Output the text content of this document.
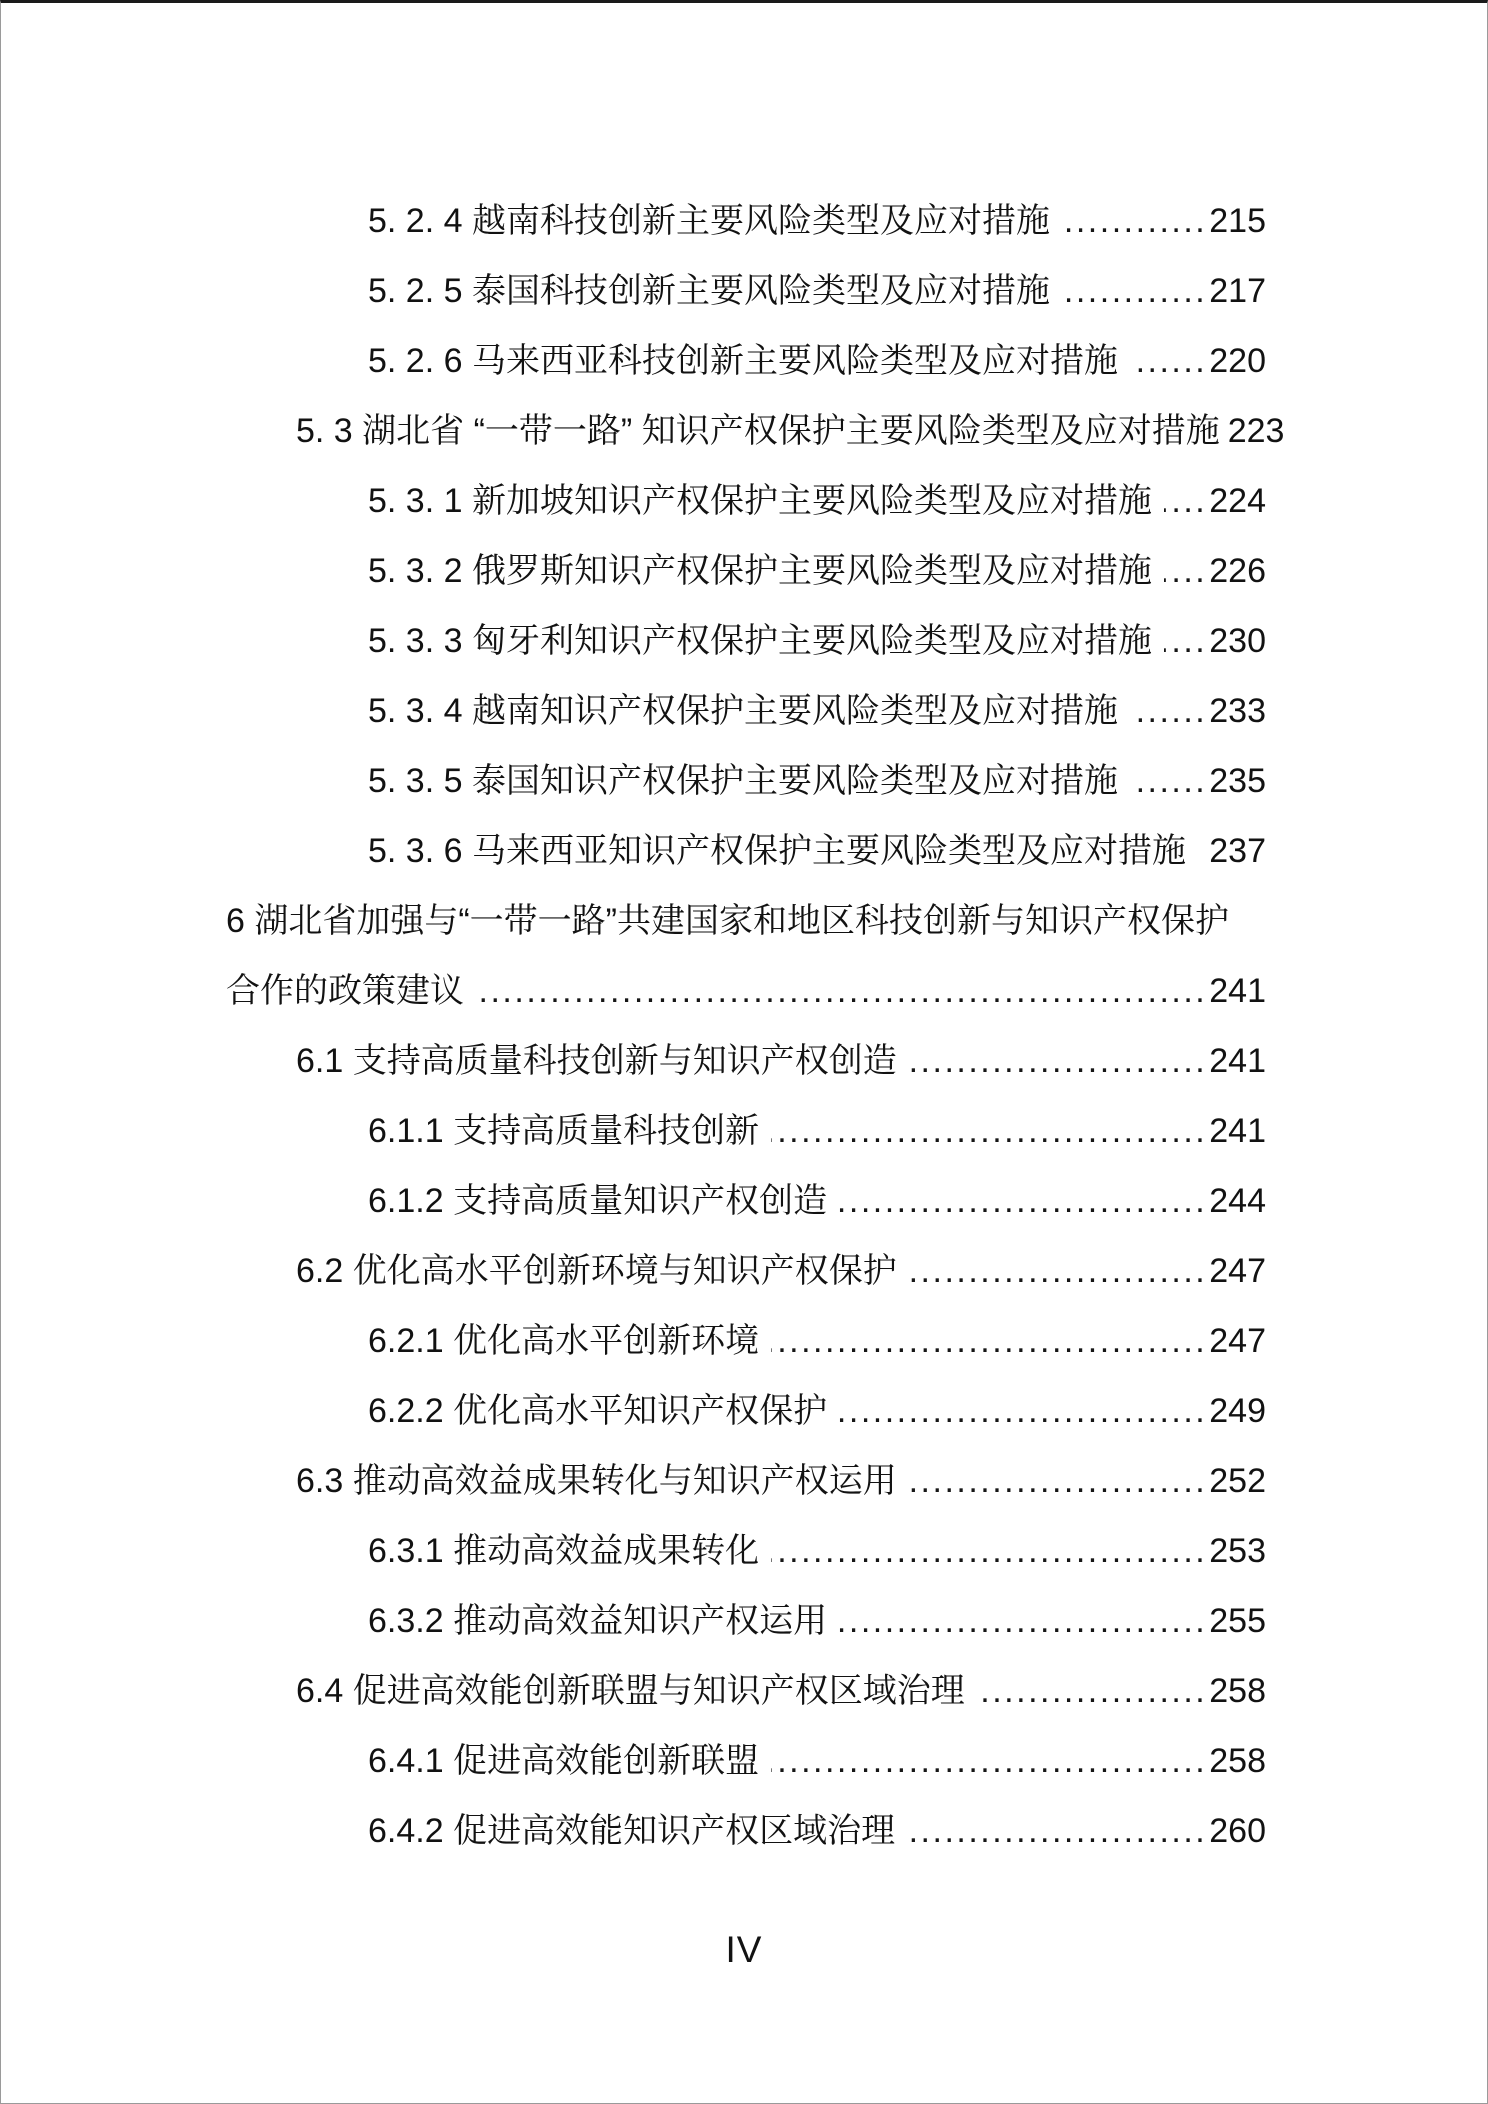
5. 2. 4 越南科技创新主要风险类型及应对措施 .....	215
5. 2. 5 泰国科技创新主要风险类型及应对措施 .....	217
5. 2. 6 马来西亚科技创新主要风险类型及应对措施 .....	220
5. 3 湖北省 “一带一路” 知识产权保护主要风险类型及应对措施 223
5. 3. 1 新加坡知识产权保护主要风险类型及应对措施 ..... 224
5. 3. 2 俄罗斯知识产权保护主要风险类型及应对措施 ..... 226
5. 3. 3 匈牙利知识产权保护主要风险类型及应对措施 ..... 230
5. 3. 4 越南知识产权保护主要风险类型及应对措施 .....	233
5. 3. 5 泰国知识产权保护主要风险类型及应对措施 .....	235
5. 3. 6 马来西亚知识产权保护主要风险类型及应对措施 237
6 湖北省加强与“一带一路”共建国家和地区科技创新与知识产权保护
合作的政策建议 .....	241
6.1 支持高质量科技创新与知识产权创造 .....	241
6.1.1 支持高质量科技创新 .....	241
6.1.2 支持高质量知识产权创造 .....	244
6.2 优化高水平创新环境与知识产权保护 .....	247
6.2.1 优化高水平创新环境 .....	247
6.2.2 优化高水平知识产权保护 .....	249
6.3 推动高效益成果转化与知识产权运用 .....	252
6.3.1 推动高效益成果转化 .....	253
6.3.2 推动高效益知识产权运用 .....	255
6.4 促进高效能创新联盟与知识产权区域治理 .....	258
6.4.1 促进高效能创新联盟 .....	258
6.4.2 促进高效能知识产权区域治理 .....	260
IV
